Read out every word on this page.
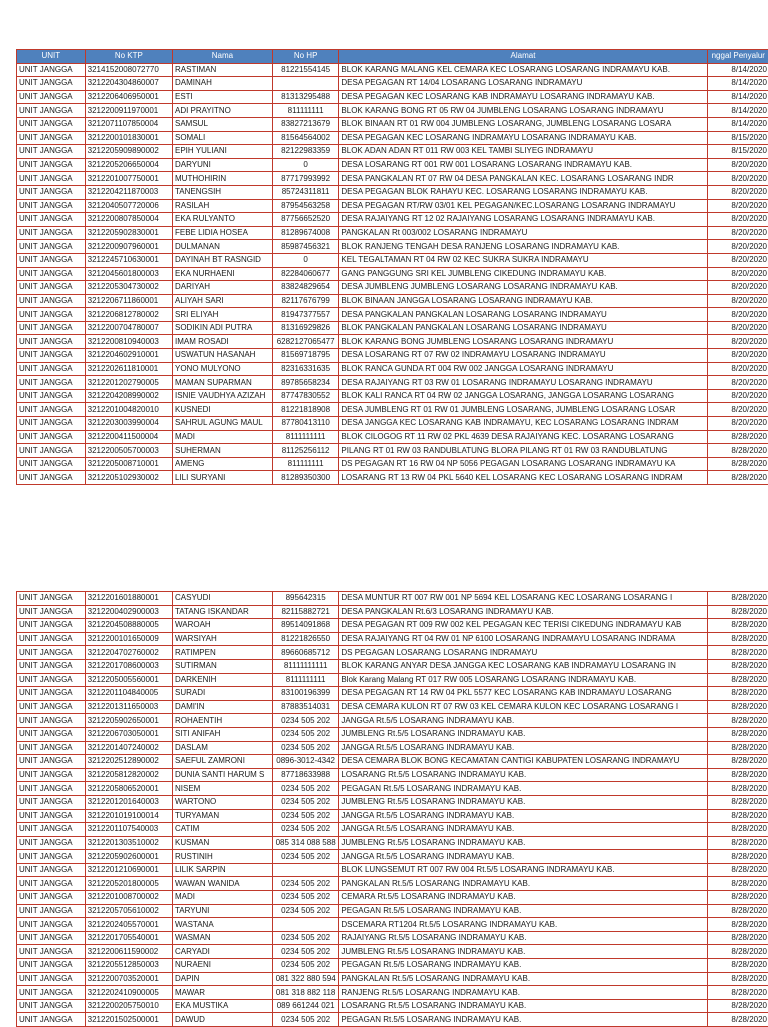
UNIT	No KTP	Nama	No HP	Alamat	nggal Penyalur
UNIT JANGGA	3214152008072770	RASTIMAN	81221554145	BLOK KARANG MALANG KEL CEMARA KEC LOSARANG LOSARANG INDRAMAYU KAB.	8/14/2020
UNIT JANGGA	3212204304860007	DAMINAH		DESA PEGAGAN RT 14/04 LOSARANG LOSARANG INDRAMAYU	8/14/2020
UNIT JANGGA	3212206406950001	ESTI	81313295488	DESA PEGAGAN KEC LOSARANG KAB INDRAMAYU LOSARANG INDRAMAYU KAB.	8/14/2020
UNIT JANGGA	3212200911970001	ADI PRAYITNO	811111111	BLOK KARANG BONG RT 05 RW 04 JUMBLENG LOSARANG LOSARANG INDRAMAYU	8/14/2020
UNIT JANGGA	3212071107850004	SAMSUL	83827213679	BLOK BINAAN RT 01 RW 004 JUMBLENG LOSARANG, JUMBLENG LOSARANG LOSARA	8/14/2020
UNIT JANGGA	3212200101830001	SOMALI	81564564002	DESA PEGAGAN KEC LOSARANG INDRAMAYU LOSARANG INDRAMAYU KAB.	8/15/2020
UNIT JANGGA	3212205909890002	EPIH YULIANI	82122983359	BLOK ADAN ADAN RT 011 RW 003 KEL TAMBI SLIYEG INDRAMAYU	8/15/2020
UNIT JANGGA	3212205206650004	DARYUNI	0	DESA LOSARANG RT 001 RW 001 LOSARANG LOSARANG INDRAMAYU KAB.	8/20/2020
UNIT JANGGA	3212201007750001	MUTHOHIRIN	87717993992	DESA PANGKALAN RT 07 RW 04 DESA PANGKALAN KEC. LOSARANG LOSARANG INDR	8/20/2020
UNIT JANGGA	3212204211870003	TANENGSIH	85724311811	DESA PEGAGAN BLOK RAHAYU KEC. LOSARANG LOSARANG INDRAMAYU KAB.	8/20/2020
UNIT JANGGA	3212040507720006	RASILAH	87954563258	DESA PEGAGAN RT/RW 03/01 KEL PEGAGAN/KEC.LOSARANG LOSARANG INDRAMAYU	8/20/2020
UNIT JANGGA	3212200807850004	EKA RULYANTO	87756652520	DESA RAJAIYANG RT 12 02 RAJAIYANG LOSARANG LOSARANG INDRAMAYU KAB.	8/20/2020
UNIT JANGGA	3212205902830001	FEBE LIDIA HOSEA	81289674008	PANGKALAN Rt 003/002 LOSARANG INDRAMAYU	8/20/2020
UNIT JANGGA	3212200907960001	DULMANAN	85987456321	BLOK RANJENG TENGAH DESA RANJENG LOSARANG INDRAMAYU KAB.	8/20/2020
UNIT JANGGA	3212245710630001	DAYINAH BT RASNGID	0	KEL TEGALTAMAN RT 04 RW 02 KEC SUKRA SUKRA INDRAMAYU	8/20/2020
UNIT JANGGA	3212045601800003	EKA NURHAENI	82284060677	GANG PANGGUNG SRI KEL JUMBLENG CIKEDUNG INDRAMAYU KAB.	8/20/2020
UNIT JANGGA	3212205304730002	DARIYAH	83824829654	DESA JUMBLENG JUMBLENG LOSARANG LOSARANG INDRAMAYU KAB.	8/20/2020
UNIT JANGGA	3212206711860001	ALIYAH SARI	82117676799	BLOK BINAAN JANGGA LOSARANG LOSARANG INDRAMAYU KAB.	8/20/2020
UNIT JANGGA	3212206812780002	SRI ELIYAH	81947377557	DESA PANGKALAN PANGKALAN LOSARANG LOSARANG INDRAMAYU	8/20/2020
UNIT JANGGA	3212200704780007	SODIKIN ADI PUTRA	81316929826	BLOK PANGKALAN PANGKALAN LOSARANG LOSARANG INDRAMAYU	8/20/2020
UNIT JANGGA	3212200810940003	IMAM ROSADI	6282127065477	BLOK KARANG BONG JUMBLENG LOSARANG LOSARANG INDRAMAYU	8/20/2020
UNIT JANGGA	3212204602910001	USWATUN HASANAH	81569718795	DESA LOSARANG RT 07 RW 02 INDRAMAYU LOSARANG INDRAMAYU	8/20/2020
UNIT JANGGA	3212202611810001	YONO MULYONO	82316331635	BLOK RANCA GUNDA RT 004 RW 002 JANGGA LOSARANG INDRAMAYU	8/20/2020
UNIT JANGGA	3212201202790005	MAMAN SUPARMAN	89785658234	DESA RAJAIYANG RT 03 RW 01 LOSARANG INDRAMAYU LOSARANG INDRAMAYU	8/20/2020
UNIT JANGGA	3212204208990002	ISNIE VAUDHYA AZIZAH	87747830552	BLOK KALI RANCA RT 04 RW 02 JANGGA LOSARANG, JANGGA LOSARANG LOSARANG	8/20/2020
UNIT JANGGA	3212201004820010	KUSNEDI	81221818908	DESA JUMBLENG RT 01 RW 01 JUMBLENG LOSARANG, JUMBLENG LOSARANG LOSAR	8/20/2020
UNIT JANGGA	3212203003990004	SAHRUL AGUNG MAUL	87780413110	DESA JANGGA KEC LOSARANG KAB INDRAMAYU, KEC LOSARANG LOSARANG INDRAM	8/20/2020
UNIT JANGGA	3212200411500004	MADI	8111111111	BLOK CILOGOG RT 11 RW 02 PKL 4639 DESA RAJAIYANG KEC. LOSARANG LOSARANG	8/28/2020
UNIT JANGGA	3212200505700003	SUHERMAN	81125256112	PILANG RT 01 RW 03 RANDUBLATUNG BLORA PILANG RT 01 RW 03 RANDUBLATUNG	8/28/2020
UNIT JANGGA	3212205008710001	AMENG	811111111	DS PEGAGAN RT 16 RW 04 NP 5056 PEGAGAN LOSARANG LOSARANG INDRAMAYU KA	8/28/2020
UNIT JANGGA	3212205102930002	LILI SURYANI	81289350300	LOSARANG RT 13 RW 04 PKL 5640 KEL LOSARANG KEC LOSARANG LOSARANG INDRAM	8/28/2020
UNIT JANGGA	3212201601880001	CASYUDI	895642315	DESA MUNTUR RT 007 RW 001 NP 5694 KEL LOSARANG KEC LOSARANG LOSARANG I	8/28/2020
UNIT JANGGA	3212200402900003	TATANG ISKANDAR	82115882721	DESA PANGKALAN Rt.6/3 LOSARANG INDRAMAYU KAB.	8/28/2020
UNIT JANGGA	3212204508880005	WAROAH	89514091868	DESA PEGAGAN RT 009 RW 002 KEL PEGAGAN KEC TERISI CIKEDUNG INDRAMAYU KAB	8/28/2020
UNIT JANGGA	3212200101650009	WARSIYAH	81221826550	DESA RAJAIYANG RT 04 RW 01 NP 6100 LOSARANG INDRAMAYU LOSARANG INDRAMA	8/28/2020
UNIT JANGGA	3212204702760002	RATIMPEN	89660685712	DS PEGAGAN LOSARANG LOSARANG INDRAMAYU	8/28/2020
UNIT JANGGA	3212201708600003	SUTIRMAN	81111111111	BLOK KARANG ANYAR DESA JANGGA KEC LOSARANG KAB INDRAMAYU LOSARANG IN	8/28/2020
UNIT JANGGA	3212205005560001	DARKENIH	8111111111	Blok Karang Malang RT 017 RW 005 LOSARANG LOSARANG INDRAMAYU KAB.	8/28/2020
UNIT JANGGA	3212201104840005	SURADI	83100196399	DESA PEGAGAN RT 14 RW 04 PKL 5577 KEC LOSARANG KAB INDRAMAYU LOSARANG	8/28/2020
UNIT JANGGA	3212201311650003	DAMI'IN	87883514031	DESA CEMARA KULON RT 07 RW 03 KEL CEMARA KULON KEC LOSARANG LOSARANG I	8/28/2020
UNIT JANGGA	3212205902650001	ROHAENTIH	0234 505 202	JANGGA Rt.5/5 LOSARANG INDRAMAYU KAB.	8/28/2020
UNIT JANGGA	3212206703050001	SITI ANIFAH	0234 505 202	JUMBLENG Rt.5/5 LOSARANG INDRAMAYU KAB.	8/28/2020
UNIT JANGGA	3212201407240002	DASLAM	0234 505 202	JANGGA Rt.5/5 LOSARANG INDRAMAYU KAB.	8/28/2020
UNIT JANGGA	3212202512890002	SAEFUL ZAMRONI	0896-3012-4342	DESA CEMARA BLOK BONG KECAMATAN CANTIGI KABUPATEN LOSARANG INDRAMAYU	8/28/2020
UNIT JANGGA	3212205812820002	DUNIA SANTI HARUM S	87718633988	LOSARANG Rt.5/5 LOSARANG INDRAMAYU KAB.	8/28/2020
UNIT JANGGA	3212205806520001	NISEM	0234 505 202	PEGAGAN Rt.5/5 LOSARANG INDRAMAYU KAB.	8/28/2020
UNIT JANGGA	3212201201640003	WARTONO	0234 505 202	JUMBLENG Rt.5/5 LOSARANG INDRAMAYU KAB.	8/28/2020
UNIT JANGGA	3212201019100014	TURYAMAN	0234 505 202	JANGGA Rt.5/5 LOSARANG INDRAMAYU KAB.	8/28/2020
UNIT JANGGA	3212201107540003	CATIM	0234 505 202	JANGGA Rt.5/5 LOSARANG INDRAMAYU KAB.	8/28/2020
UNIT JANGGA	3212201303510002	KUSMAN	085 314 088 588	JUMBLENG Rt.5/5 LOSARANG INDRAMAYU KAB.	8/28/2020
UNIT JANGGA	3212205902600001	RUSTINIH	0234 505 202	JANGGA Rt.5/5 LOSARANG INDRAMAYU KAB.	8/28/2020
UNIT JANGGA	3212201210690001	LILIK SARPIN		BLOK LUNGSEMUT RT 007 RW 004 Rt.5/5 LOSARANG INDRAMAYU KAB.	8/28/2020
UNIT JANGGA	3212205201800005	WAWAN WANIDA	0234 505 202	PANGKALAN Rt.5/5 LOSARANG INDRAMAYU KAB.	8/28/2020
UNIT JANGGA	3212201008700002	MADI	0234 505 202	CEMARA Rt.5/5 LOSARANG INDRAMAYU KAB.	8/28/2020
UNIT JANGGA	3212205705610002	TARYUNI	0234 505 202	PEGAGAN Rt.5/5 LOSARANG INDRAMAYU KAB.	8/28/2020
UNIT JANGGA	3212202405570001	WASTANA		DSCEMARA RT1204 Rt.5/5 LOSARANG INDRAMAYU KAB.	8/28/2020
UNIT JANGGA	3212201705540001	WASMAN	0234 505 202	RAJAIYANG Rt.5/5 LOSARANG INDRAMAYU KAB.	8/28/2020
UNIT JANGGA	3212200611590002	CARYADI	0234 505 202	JUMBLENG Rt.5/5 LOSARANG INDRAMAYU KAB.	8/28/2020
UNIT JANGGA	3212205512850003	NURAENI	0234 505 202	PEGAGAN Rt.5/5 LOSARANG INDRAMAYU KAB.	8/28/2020
UNIT JANGGA	3212200703520001	DAPIN	081 322 880 594	PANGKALAN Rt.5/5 LOSARANG INDRAMAYU KAB.	8/28/2020
UNIT JANGGA	3212202410900005	MAWAR	081 318 882 118	RANJENG Rt.5/5 LOSARANG INDRAMAYU KAB.	8/28/2020
UNIT JANGGA	3212200205750010	EKA MUSTIKA	089 661244 021	LOSARANG Rt.5/5 LOSARANG INDRAMAYU KAB.	8/28/2020
UNIT JANGGA	3212201502500001	DAWUD	0234 505 202	PEGAGAN Rt.5/5 LOSARANG INDRAMAYU KAB.	8/28/2020
